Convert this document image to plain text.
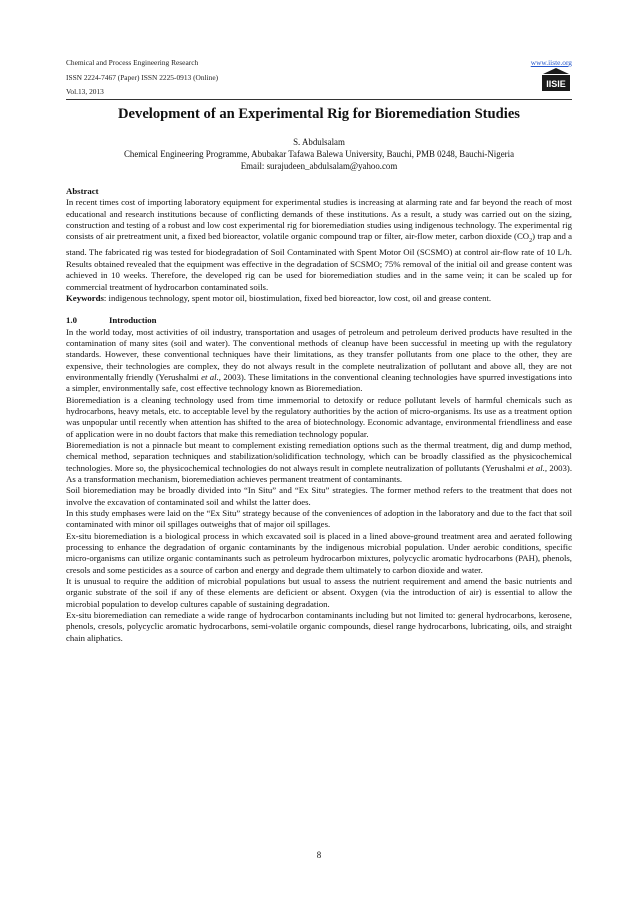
Chemical and Process Engineering Research
ISSN 2224-7467 (Paper) ISSN 2225-0913 (Online)
Vol.13, 2013
www.iiste.org
IISIE
Development of an Experimental Rig for Bioremediation Studies
S. Abdulsalam
Chemical Engineering Programme, Abubakar Tafawa Balewa University, Bauchi, PMB 0248, Bauchi-Nigeria
Email: surajudeen_abdulsalam@yahoo.com

Abstract

In recent times cost of importing laboratory equipment for experimental studies is increasing at alarming rate and far beyond the reach of most educational and research institutions because of conflicting demands of these institutions. As a result, a study was carried out on the sizing, construction and testing of a robust and low cost experimental rig for bioremediation studies using indigenous technology. The experimental rig consists of air pretreatment unit, a fixed bed bioreactor, volatile organic compound trap or filter, air-flow meter, carbon dioxide $(CO_2)$ trap and a stand. The fabricated rig was tested for biodegradation of Soil Contaminated with Spent Motor Oil (SCSMO) at control air-flow rate of 10 L/h. Results obtained revealed that the equipment was effective in the degradation of SCSMO; 75% removal of the initial oil and grease content was achieved in 10 weeks. Therefore, the developed rig can be used for bioremediation studies and in the same vein; it can be scaled up for commercial treatment of hydrocarbon contaminated soils.

Keywords: indigenous technology, spent motor oil, biostimulation, fixed bed bioreactor, low cost, oil and grease content.

1.0	Introduction

In the world today, most activities of oil industry, transportation and usages of petroleum and petroleum derived products have resulted in the contamination of many sites (soil and water). The conventional methods of cleanup have been successful in meeting up with the regulatory standards. However, these conventional techniques have their limitations, as they transfer pollutants from one place to the other, they are expensive, their technologies are complex, they do not always result in the complete neutralization of pollutant and above all, they are not environmentally friendly (Yerushalmi et al., 2003). These limitations in the conventional cleaning technologies have spurred investigations into a simpler, environmentally safe, cost effective technology known as Bioremediation.

Bioremediation is a cleaning technology used from time immemorial to detoxify or reduce pollutant levels of harmful chemicals such as hydrocarbons, heavy metals, etc. to acceptable level by the regulatory authorities by the action of micro-organisms. Its use as a treatment option was unpopular until recently when attention has shifted to the area of biotechnology. Economic advantage, environmental friendliness and ease of application were in no doubt factors that make this remediation technology popular.

Bioremediation is not a pinnacle but meant to complement existing remediation options such as the thermal treatment, dig and dump method, chemical method, separation techniques and stabilization/solidification technology, which can be broadly classified as the physicochemical technologies. More so, the physicochemical technologies do not always result in complete neutralization of pollutants (Yerushalmi et al., 2003). As a transformation mechanism, bioremediation achieves permanent treatment of contaminants.

Soil bioremediation may be broadly divided into “In Situ” and “Ex Situ” strategies. The former method refers to the treatment that does not involve the excavation of contaminated soil and whilst the latter does.

In this study emphases were laid on the “Ex Situ” strategy because of the conveniences of adoption in the laboratory and due to the fact that soil contaminated with minor oil spillages outweighs that of major oil spillages.

Ex-situ bioremediation is a biological process in which excavated soil is placed in a lined above-ground treatment area and aerated following processing to enhance the degradation of organic contaminants by the indigenous microbial population. Under aerobic conditions, specific micro-organisms can utilize organic contaminants such as petroleum hydrocarbon mixtures, polycyclic aromatic hydrocarbons (PAH), phenols, cresols and some pesticides as a source of carbon and energy and degrade them ultimately to carbon dioxide and water.

It is unusual to require the addition of microbial populations but usual to assess the nutrient requirement and amend the basic nutrients and organic substrate of the soil if any of these elements are deficient or absent. Oxygen (via the introduction of air) is essential to allow the microbial population to develop cultures capable of sustaining degradation.

Ex-situ bioremediation can remediate a wide range of hydrocarbon contaminants including but not limited to: general hydrocarbons, kerosene, phenols, cresols, polycyclic aromatic hydrocarbons, semi-volatile organic compounds, diesel range hydrocarbons, lubricating, oils, and straight chain aliphatics.

8
